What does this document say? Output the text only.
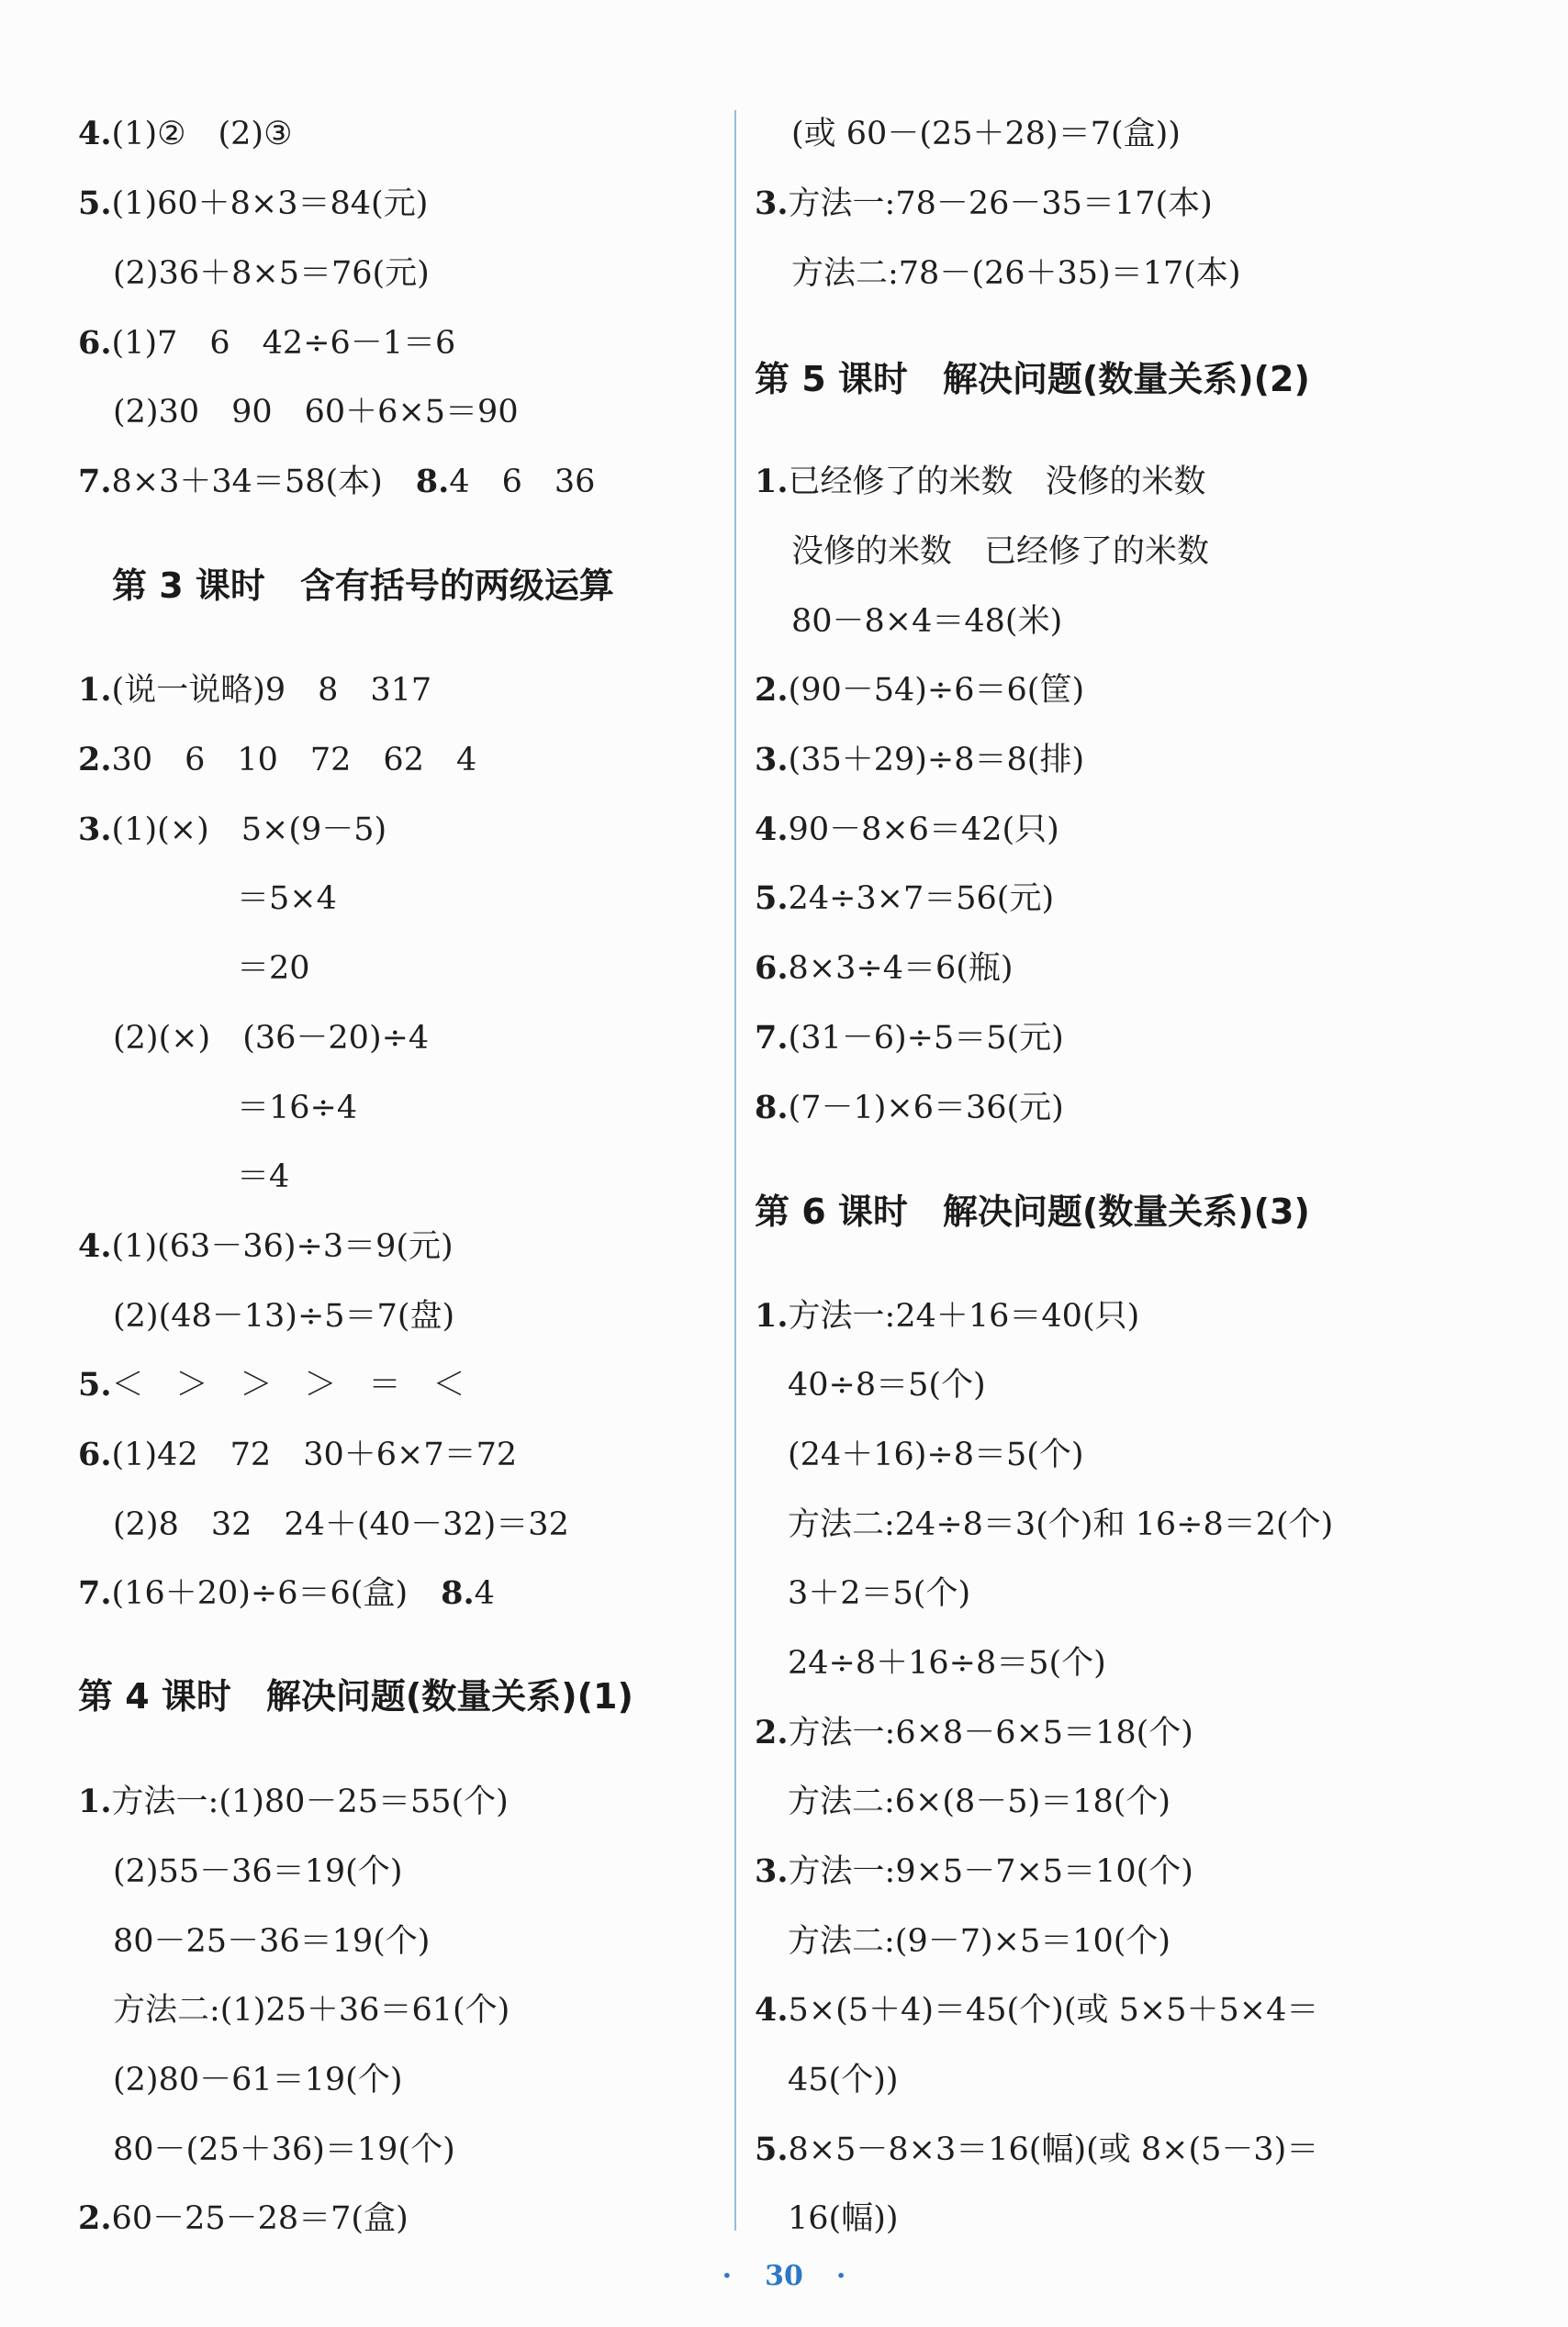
4.(1)②　(2)③
5.(1)60＋8×3＝84(元)
(2)36＋8×5＝76(元)
6.(1)7　6　42÷6－1＝6
(2)30　90　60＋6×5＝90
7.8×3＋34＝58(本) 8.4　6　36
第 3 课时　含有括号的两级运算
1.(说一说略)9　8　317
2.30　6　10　72　62　4
3.(1)(×)　5×(9－5)
＝5×4
＝20
(2)(×)　(36－20)÷4
＝16÷4
＝4
4.(1)(63－36)÷3＝9(元)
(2)(48－13)÷5＝7(盘)
5.＜　＞　＞　＞　＝　＜
6.(1)42　72　30＋6×7＝72
(2)8　32　24＋(40－32)＝32
7.(16＋20)÷6＝6(盒) 8.4
第 4 课时　解决问题(数量关系)(1)
1.方法一:(1)80－25＝55(个)
(2)55－36＝19(个)
80－25－36＝19(个)
方法二:(1)25＋36＝61(个)
(2)80－61＝19(个)
80－(25＋36)＝19(个)
2.60－25－28＝7(盒)
(或 60－(25＋28)＝7(盒))
3.方法一:78－26－35＝17(本)
方法二:78－(26＋35)＝17(本)
第 5 课时　解决问题(数量关系)(2)
1.已经修了的米数　没修的米数
没修的米数　已经修了的米数
80－8×4＝48(米)
2.(90－54)÷6＝6(筐)
3.(35＋29)÷8＝8(排)
4.90－8×6＝42(只)
5.24÷3×7＝56(元)
6.8×3÷4＝6(瓶)
7.(31－6)÷5＝5(元)
8.(7－1)×6＝36(元)
第 6 课时　解决问题(数量关系)(3)
1.方法一:24＋16＝40(只)
40÷8＝5(个)
(24＋16)÷8＝5(个)
方法二:24÷8＝3(个)和 16÷8＝2(个)
3＋2＝5(个)
24÷8＋16÷8＝5(个)
2.方法一:6×8－6×5＝18(个)
方法二:6×(8－5)＝18(个)
3.方法一:9×5－7×5＝10(个)
方法二:(9－7)×5＝10(个)
4.5×(5＋4)＝45(个)(或 5×5＋5×4＝
45(个))
5.8×5－8×3＝16(幅)(或 8×(5－3)＝
16(幅))
· 30 ·
